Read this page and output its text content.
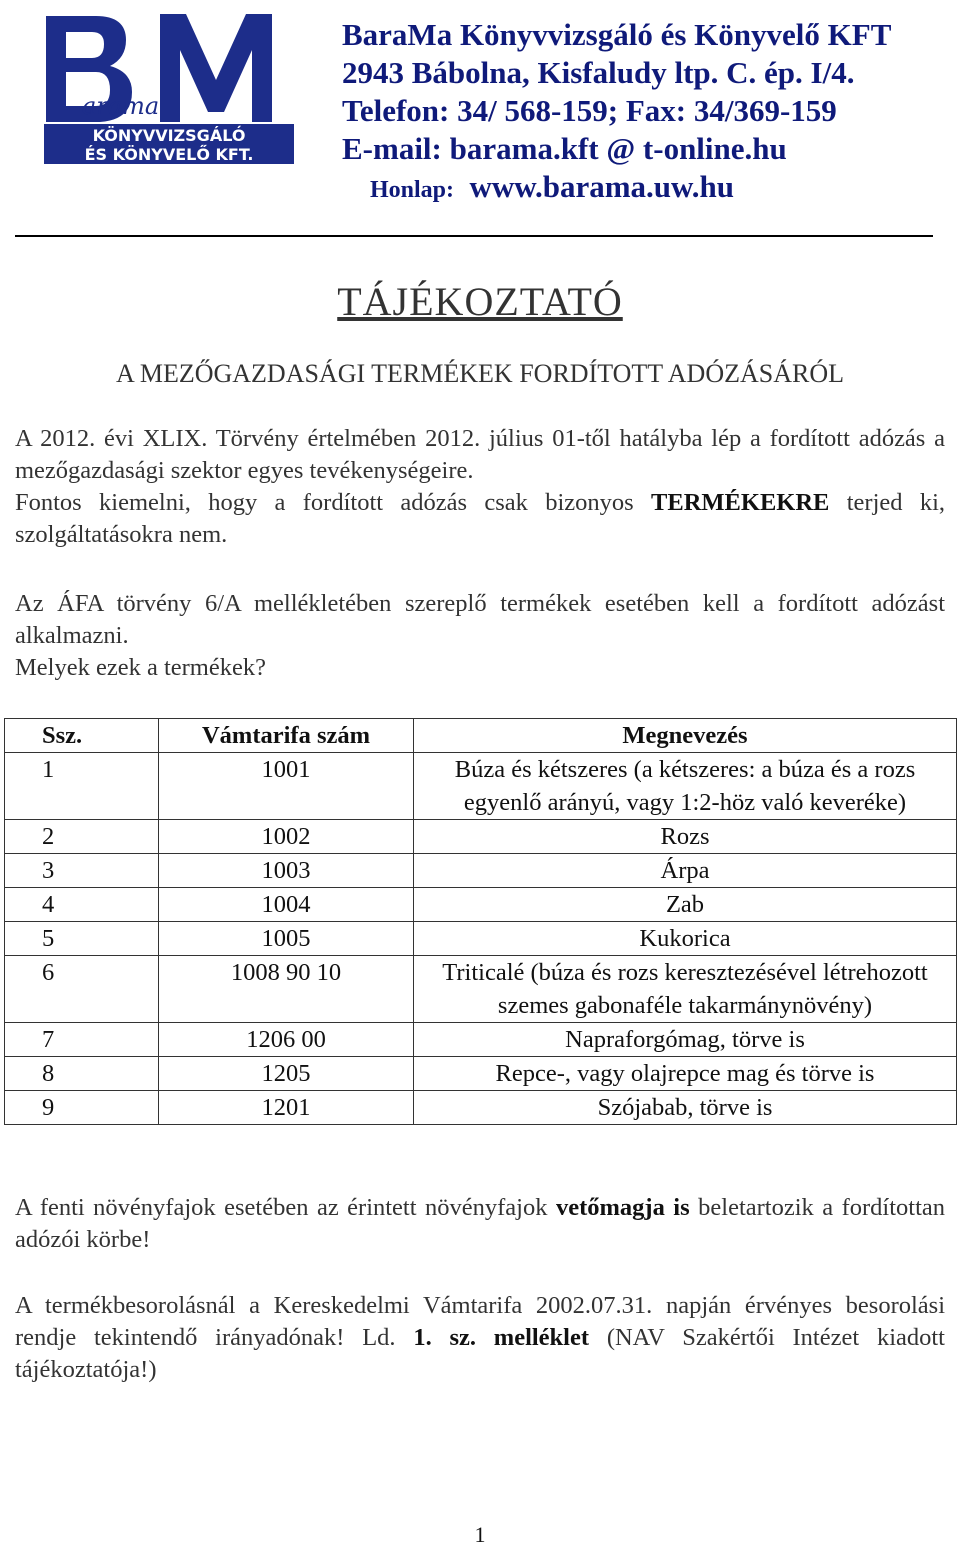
arama
KÖNYVVIZSGÁLÓ
ÉS KÖNYVELŐ KFT.
BaraMa Könyvvizsgáló és Könyvelő KFT
2943 Bábolna, Kisfaludy ltp. C. ép. I/4.
Telefon: 34/ 568-159; Fax: 34/369-159
E-mail: barama.kft @ t-online.hu
Honlap: www.barama.uw.hu
TÁJÉKOZTATÓ
A MEZŐGAZDASÁGI TERMÉKEK FORDÍTOTT ADÓZÁSÁRÓL
A 2012. évi XLIX. Törvény értelmében 2012. július 01-től hatályba lép a fordított adózás a mezőgazdasági szektor egyes tevékenységeire.
Fontos kiemelni, hogy a fordított adózás csak bizonyos TERMÉKEKRE terjed ki, szolgáltatásokra nem.
Az ÁFA törvény 6/A mellékletében szereplő termékek esetében kell a fordított adózást alkalmazni.
Melyek ezek a termékek?
Ssz.	Vámtarifa szám	Megnevezés
1	1001	Búza és kétszeres (a kétszeres: a búza és a rozs egyenlő arányú, vagy 1:2-höz való keveréke)
2	1002	Rozs
3	1003	Árpa
4	1004	Zab
5	1005	Kukorica
6	1008 90 10	Triticalé (búza és rozs keresztezésével létrehozott szemes gabonaféle takarmánynövény)
7	1206 00	Napraforgómag, törve is
8	1205	Repce-, vagy olajrepce mag és törve is
9	1201	Szójabab, törve is
A fenti növényfajok esetében az érintett növényfajok vetőmagja is beletartozik a fordítottan adózói körbe!
A termékbesorolásnál a Kereskedelmi Vámtarifa 2002.07.31. napján érvényes besorolási rendje tekintendő irányadónak! Ld. 1. sz. melléklet (NAV Szakértői Intézet kiadott tájékoztatója!)
1
